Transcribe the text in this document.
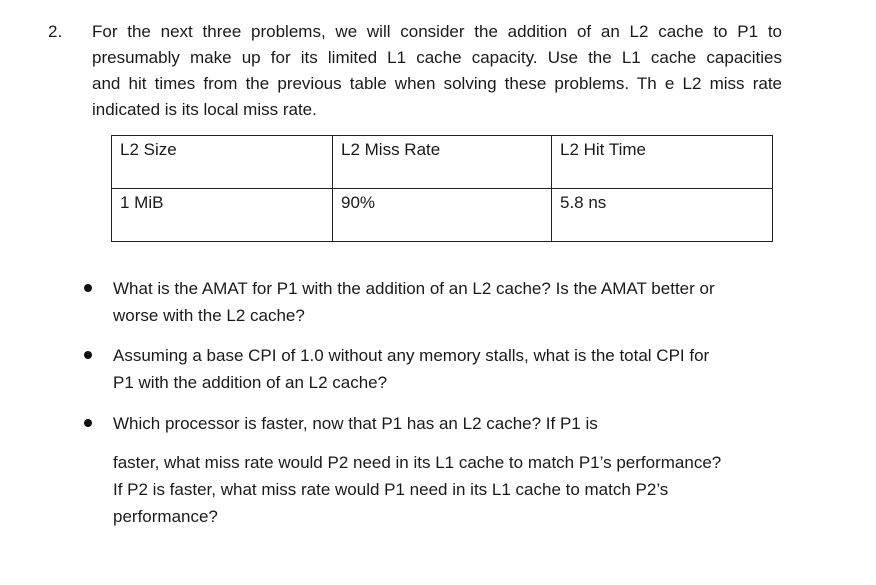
2. For the next three problems, we will consider the addition of an L2 cache to P1 to
presumably make up for its limited L1 cache capacity. Use the L1 cache capacities
and hit times from the previous table when solving these problems. Th e L2 miss rate
indicated is its local miss rate.

L2 Size	L2 Miss Rate	L2 Hit Time
1 MiB	90%	5.8 ns

What is the AMAT for P1 with the addition of an L2 cache? Is the AMAT better or
worse with the L2 cache?

Assuming a base CPI of 1.0 without any memory stalls, what is the total CPI for
P1 with the addition of an L2 cache?

Which processor is faster, now that P1 has an L2 cache? If P1 is
faster, what miss rate would P2 need in its L1 cache to match P1’s performance?
If P2 is faster, what miss rate would P1 need in its L1 cache to match P2’s
performance?
